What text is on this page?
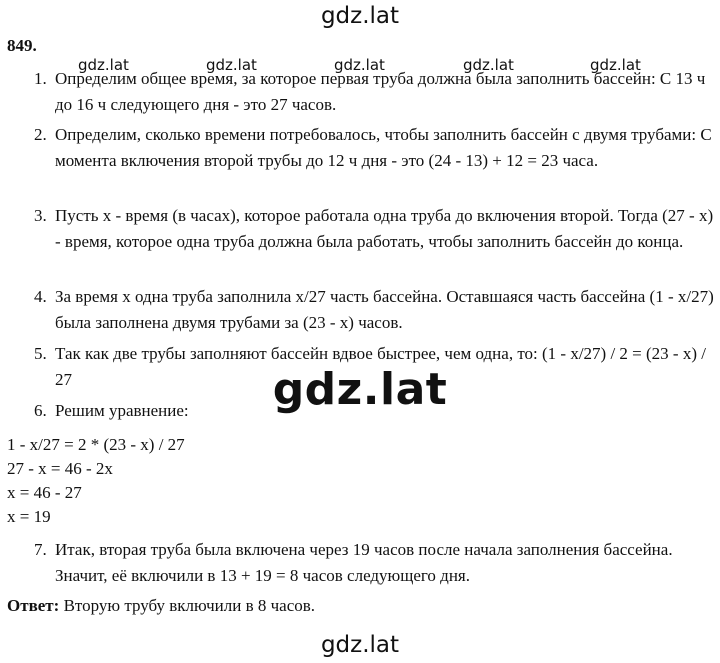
gdz.lat
gdz.lat	gdz.lat	gdz.lat	gdz.lat	gdz.lat
gdz.lat
849.
1. Определим общее время, за которое первая труба должна была заполнить бассейн: С 13 ч до 16 ч следующего дня - это 27 часов.
2. Определим, сколько времени потребовалось, чтобы заполнить бассейн с двумя трубами: С момента включения второй трубы до 12 ч дня - это (24 - 13) + 12 = 23 часа.
3. Пусть x - время (в часах), которое работала одна труба до включения второй. Тогда (27 - x) - время, которое одна труба должна была работать, чтобы заполнить бассейн до конца.
4. За время x одна труба заполнила x/27 часть бассейна. Оставшаяся часть бассейна (1 - x/27) была заполнена двумя трубами за (23 - x) часов.
5. Так как две трубы заполняют бассейн вдвое быстрее, чем одна, то: (1 - x/27) / 2 = (23 - x) / 27
6. Решим уравнение:
1 - x/27 = 2 * (23 - x) / 27
27 - x = 46 - 2x
x = 46 - 27
x = 19
7. Итак, вторая труба была включена через 19 часов после начала заполнения бассейна. Значит, её включили в 13 + 19 = 8 часов следующего дня.
Ответ: Вторую трубу включили в 8 часов.
gdz.lat
